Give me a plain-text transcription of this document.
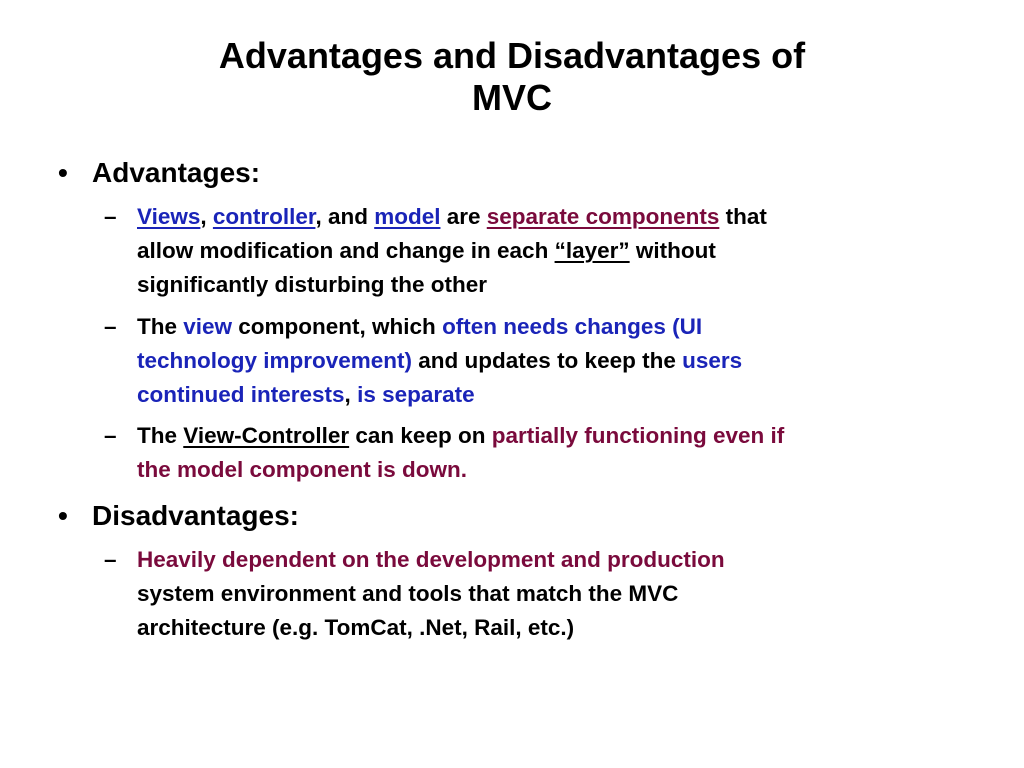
Advantages and Disadvantages of
MVC
• Advantages:
– Views, controller, and model are separate components that
allow modification and change in each “layer” without
significantly disturbing the other
– The view component, which often needs changes (UI
technology improvement) and updates to keep the users
continued interests, is separate
– The View-Controller can keep on partially functioning even if
the model component is down.
• Disadvantages:
– Heavily dependent on the development and production
system environment and tools that match the MVC
architecture (e.g. TomCat, .Net, Rail, etc.)
